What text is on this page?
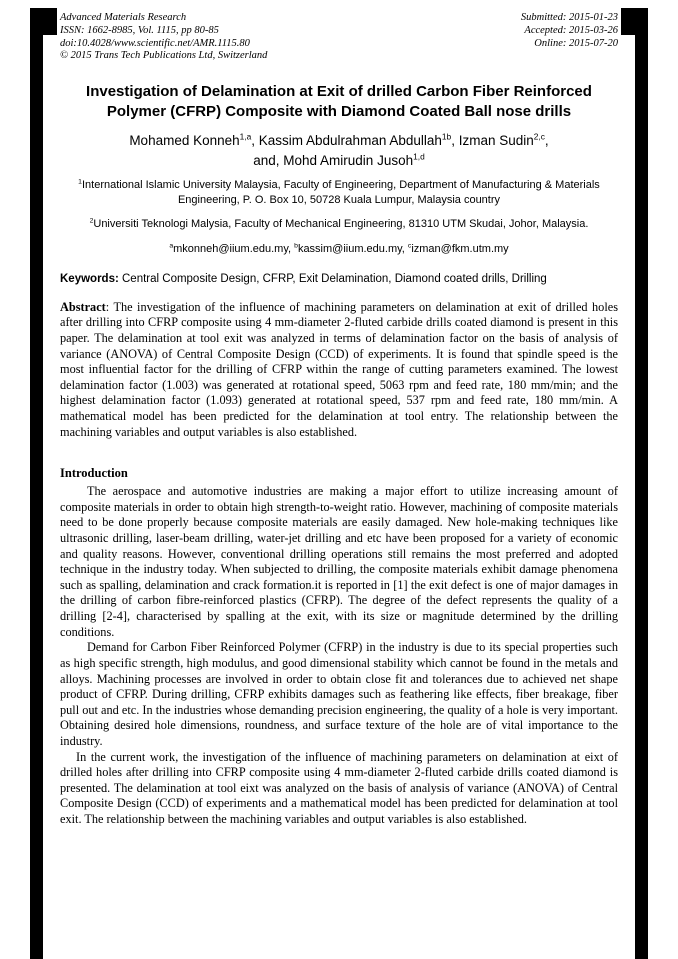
Advanced Materials Research
ISSN: 1662-8985, Vol. 1115, pp 80-85
doi:10.4028/www.scientific.net/AMR.1115.80
© 2015 Trans Tech Publications Ltd, Switzerland
Submitted: 2015-01-23
Accepted: 2015-03-26
Online: 2015-07-20
Investigation of Delamination at Exit of drilled Carbon Fiber Reinforced Polymer (CFRP) Composite with Diamond Coated Ball nose drills
Mohamed Konneh$^{1,a}$, Kassim Abdulrahman Abdullah$^{1b}$, Izman Sudin$^{2,c}$,
and, Mohd Amirudin Jusoh$^{1,d}$
$^1$International Islamic University Malaysia, Faculty of Engineering, Department of Manufacturing & Materials Engineering, P. O. Box 10, 50728 Kuala Lumpur, Malaysia country
$^2$Universiti Teknologi Malysia, Faculty of Mechanical Engineering, 81310 UTM Skudai, Johor, Malaysia.
$^a$mkonneh@iium.edu.my, $^b$kassim@iium.edu.my, $^c$izman@fkm.utm.my
Keywords: Central Composite Design, CFRP, Exit Delamination, Diamond coated drills, Drilling

Abstract: The investigation of the influence of machining parameters on delamination at exit of drilled holes after drilling into CFRP composite using 4 mm-diameter 2-fluted carbide drills coated diamond is present in this paper. The delamination at tool exit was analyzed in terms of delamination factor on the basis of analysis of variance (ANOVA) of Central Composite Design (CCD) of experiments. It is found that spindle speed is the most influential factor for the drilling of CFRP within the range of cutting parameters examined. The lowest delamination factor (1.003) was generated at rotational speed, 5063 rpm and feed rate, 180 mm/min; and the highest delamination factor (1.093) generated at rotational speed, 537 rpm and feed rate, 180 mm/min. A mathematical model has been predicted for the delamination at tool entry. The relationship between the machining variables and output variables is also established.

Introduction

The aerospace and automotive industries are making a major effort to utilize increasing amount of composite materials in order to obtain high strength-to-weight ratio. However, machining of composite materials need to be done properly because composite materials are easily damaged. New hole-making techniques like ultrasonic drilling, laser-beam drilling, water-jet drilling and etc have been proposed for a variety of economic and quality reasons. However, conventional drilling operations still remains the most preferred and adopted technique in the industry today. When subjected to drilling, the composite materials exhibit damage phenomena such as spalling, delamination and crack formation.it is reported in [1] the exit defect is one of major damages in the drilling of carbon fibre-reinforced plastics (CFRP). The degree of the defect represents the quality of a drilling [2-4], characterised by spalling at the exit, with its size or magnitude determined by the drilling conditions.

Demand for Carbon Fiber Reinforced Polymer (CFRP) in the industry is due to its special properties such as high specific strength, high modulus, and good dimensional stability which cannot be found in the metals and alloys. Machining processes are involved in order to obtain close fit and tolerances due to achieved net shape product of CFRP. During drilling, CFRP exhibits damages such as feathering like effects, fiber breakage, fiber pull out and etc. In the industries whose demanding precision engineering, the quality of a hole is very important. Obtaining desired hole dimensions, roundness, and surface texture of the hole are of vital importance to the industry.

In the current work, the investigation of the influence of machining parameters on delamination at eixt of drilled holes after drilling into CFRP composite using 4 mm-diameter 2-fluted carbide drills coated diamond is presented. The delamination at tool eixt was analyzed on the basis of analysis of variance (ANOVA) of Central Composite Design (CCD) of experiments and a mathematical model has been predicted for delamination at tool exit. The relationship between the machining variables and output variables is also established.
